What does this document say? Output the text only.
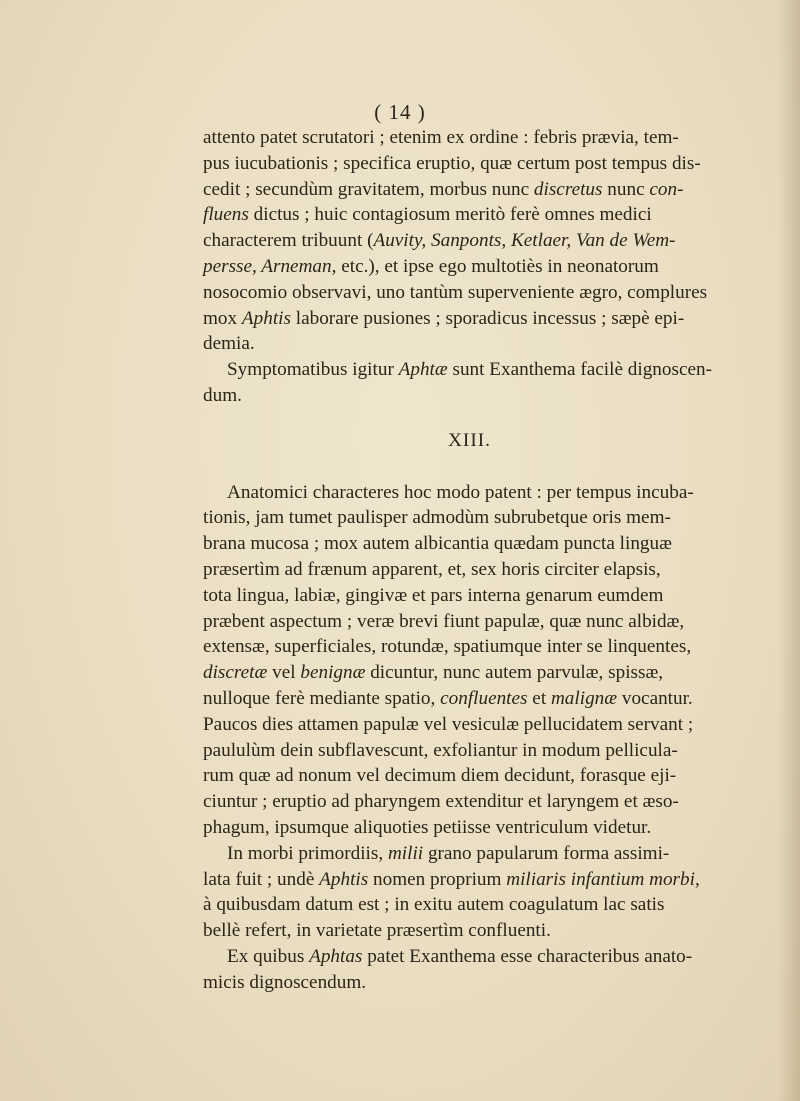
( 14 )
attento patet scrutatori ; etenim ex ordine : febris prævia, tem-
pus iucubationis ; specifica eruptio, quæ certum post tempus dis-
cedit ; secundùm gravitatem, morbus nunc discretus nunc con-
fluens dictus ; huic contagiosum meritò ferè omnes medici
characterem tribuunt (Auvity, Sanponts, Ketlaer, Van de Wem-
persse, Arneman, etc.), et ipse ego multotiès in neonatorum
nosocomio observavi, uno tantùm superveniente ægro, complures
mox Aphtis laborare pusiones ; sporadicus incessus ; sæpè epi-
demia.
Symptomatibus igitur Aphtæ sunt Exanthema facilè dignoscen-
dum.
XIII.
Anatomici characteres hoc modo patent : per tempus incuba-
tionis, jam tumet paulisper admodùm subrubetque oris mem-
brana mucosa ; mox autem albicantia quædam puncta linguæ
præsertìm ad frænum apparent, et, sex horis circiter elapsis,
tota lingua, labiæ, gingivæ et pars interna genarum eumdem
præbent aspectum ; veræ brevi fiunt papulæ, quæ nunc albidæ,
extensæ, superficiales, rotundæ, spatiumque inter se linquentes,
discretæ vel benignæ dicuntur, nunc autem parvulæ, spissæ,
nulloque ferè mediante spatio, confluentes et malignæ vocantur.
Paucos dies attamen papulæ vel vesiculæ pellucidatem servant ;
paululùm dein subflavescunt, exfoliantur in modum pellicula-
rum quæ ad nonum vel decimum diem decidunt, forasque eji-
ciuntur ; eruptio ad pharyngem extenditur et laryngem et æso-
phagum, ipsumque aliquoties petiisse ventriculum videtur.
In morbi primordiis, milii grano papularum forma assimi-
lata fuit ; undè Aphtis nomen proprium miliaris infantium morbi,
à quibusdam datum est ; in exitu autem coagulatum lac satis
bellè refert, in varietate præsertìm confluenti.
Ex quibus Aphtas patet Exanthema esse characteribus anato-
micis dignoscendum.
